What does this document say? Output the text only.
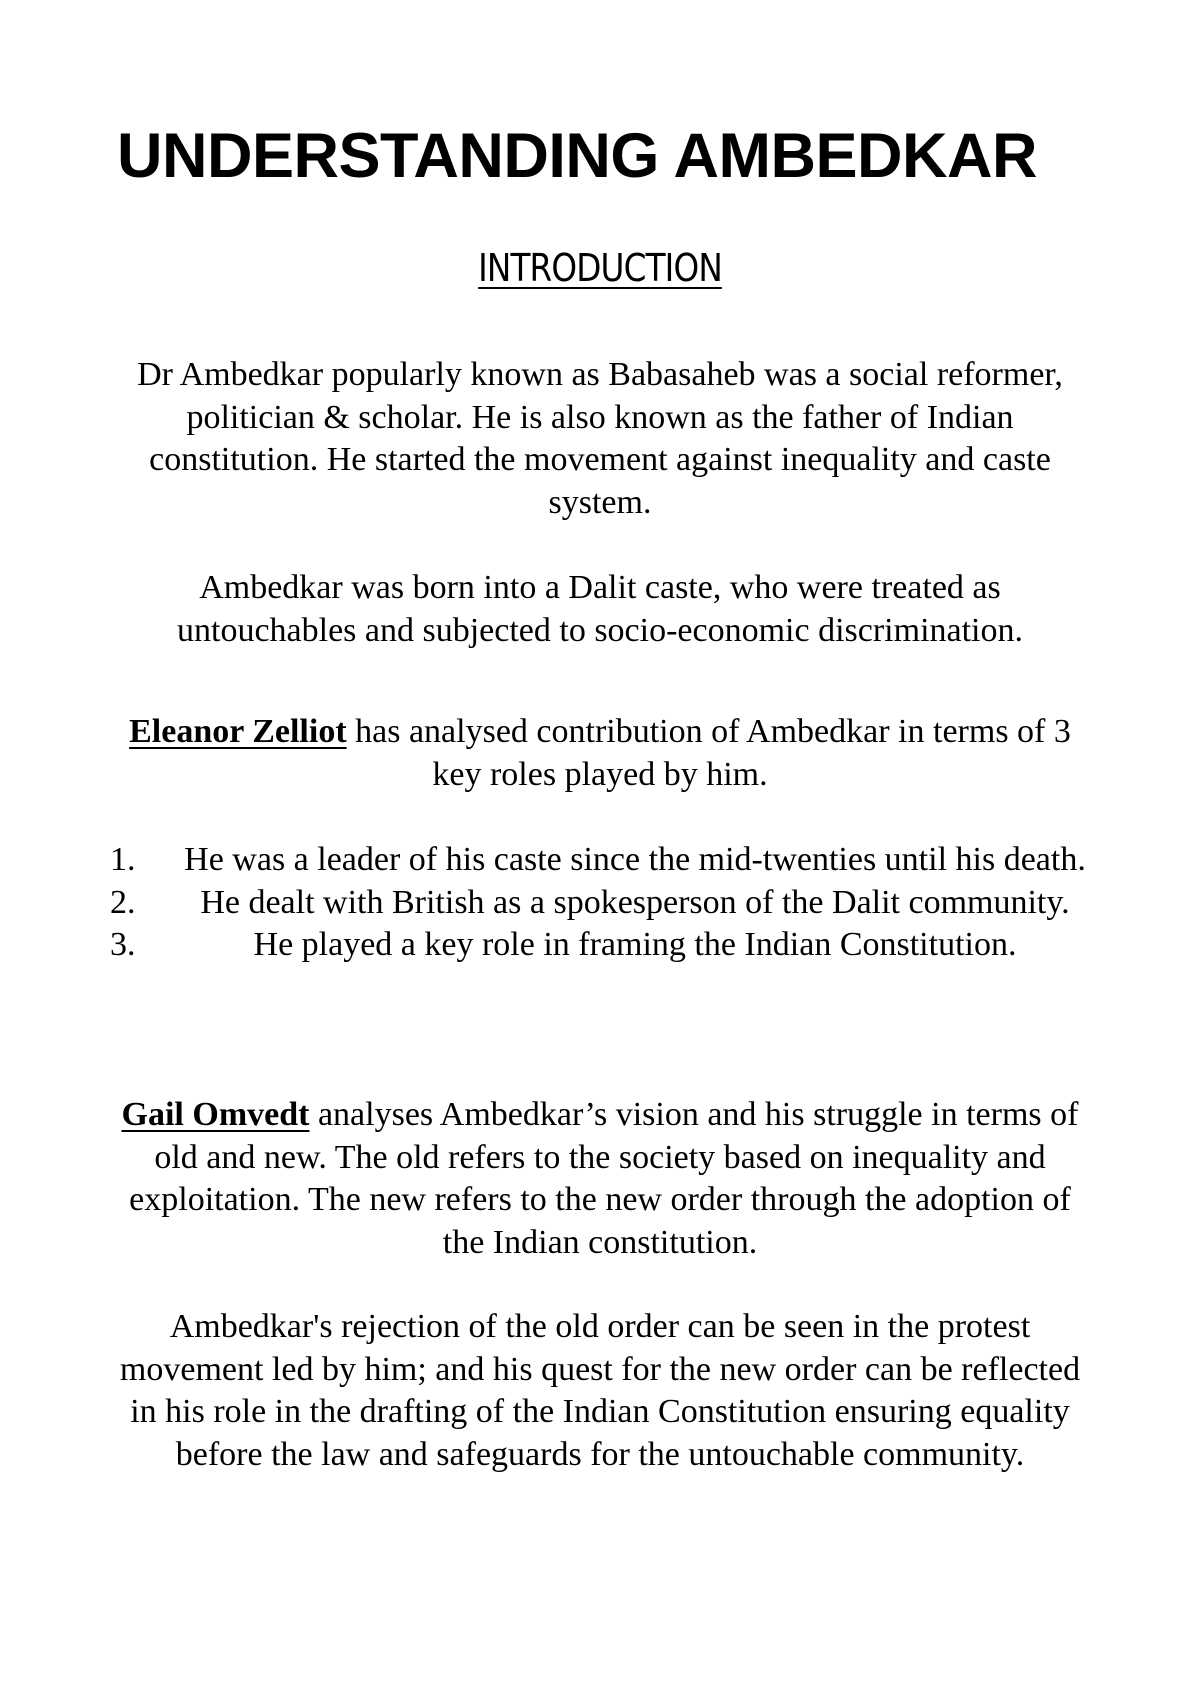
UNDERSTANDING AMBEDKAR
INTRODUCTION

Dr Ambedkar popularly known as Babasaheb was a social reformer, politician & scholar. He is also known as the father of Indian constitution. He started the movement against inequality and caste system.

Ambedkar was born into a Dalit caste, who were treated as untouchables and subjected to socio-economic discrimination.

Eleanor Zelliot has analysed contribution of Ambedkar in terms of 3 key roles played by him.

1.	He was a leader of his caste since the mid-twenties until his death.
2.	He dealt with British as a spokesperson of the Dalit community.
3.	He played a key role in framing the Indian Constitution.

Gail Omvedt analyses Ambedkar’s vision and his struggle in terms of old and new. The old refers to the society based on inequality and exploitation. The new refers to the new order through the adoption of the Indian constitution.

Ambedkar's rejection of the old order can be seen in the protest movement led by him; and his quest for the new order can be reflected in his role in the drafting of the Indian Constitution ensuring equality before the law and safeguards for the untouchable community.
